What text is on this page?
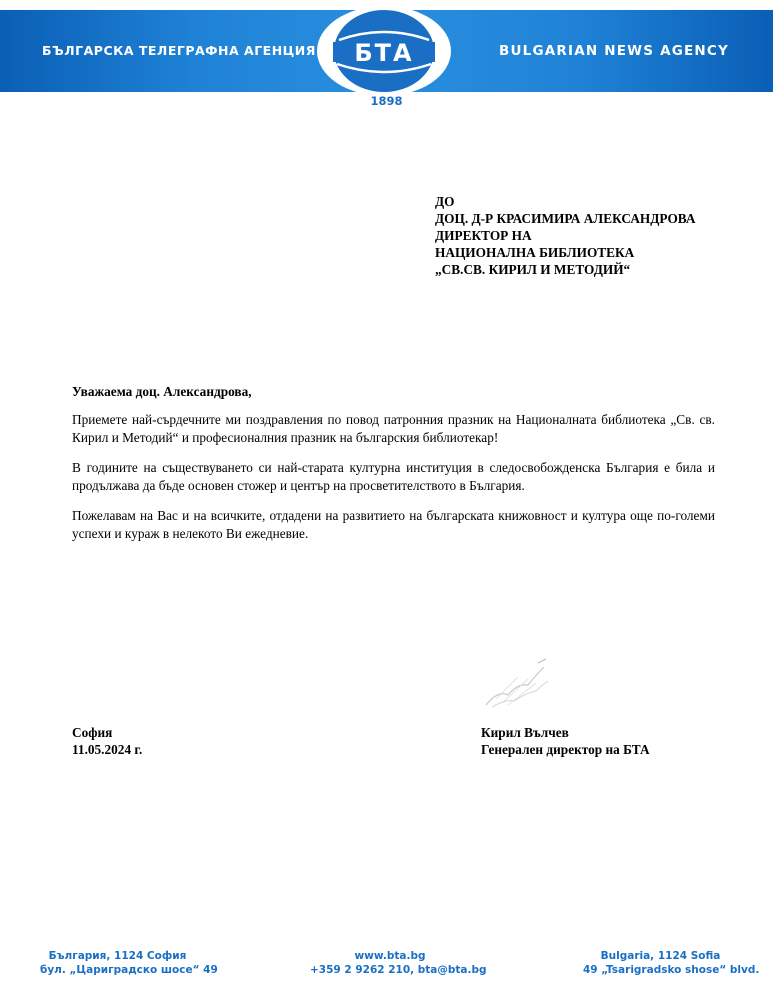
БЪЛГАРСКА ТЕЛЕГРАФНА АГЕНЦИЯ	BULGARIAN NEWS AGENCY
БТА
1898
ДО
ДОЦ. Д-Р КРАСИМИРА АЛЕКСАНДРОВА
ДИРЕКТОР НА
НАЦИОНАЛНА БИБЛИОТЕКА
„СВ.СВ. КИРИЛ И МЕТОДИЙ“
Уважаема доц. Александрова,
Приемете най-сърдечните ми поздравления по повод патронния празник на Националната библиотека „Св. св. Кирил и Методий“ и професионалния празник на българския библиотекар!
В годините на съществуването си най-старата културна институция в следосвобожденска България е била и продължава да бъде основен стожер и център на просветителството в България.
Пожелавам на Вас и на всичките, отдадени на развитието на българската книжовност и култура още по-големи успехи и кураж в нелекото Ви ежедневие.
София
11.05.2024 г.
Кирил Вълчев
Генерален директор на БТА
България, 1124 София
бул. „Цариградско шосе“ 49
www.bta.bg
+359 2 9262 210, bta@bta.bg
Bulgaria, 1124 Sofia
49 „Tsarigradsko shose“ blvd.
